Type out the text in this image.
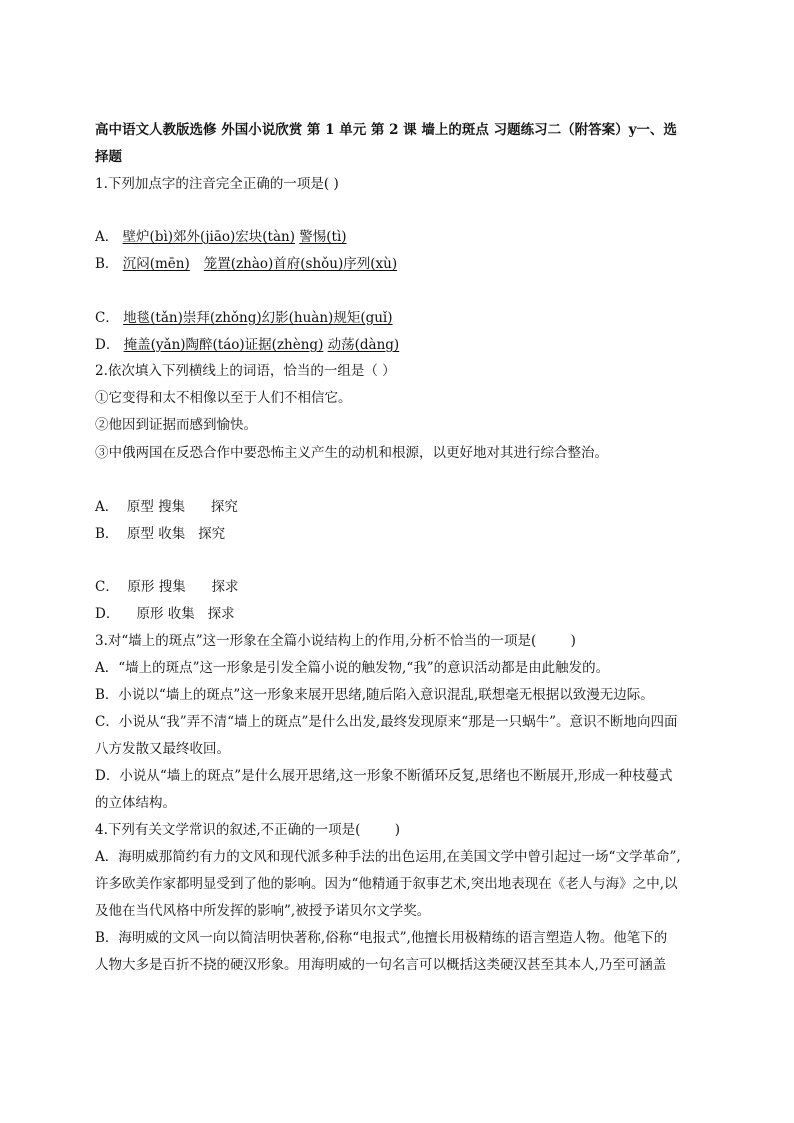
高中语文人教版选修 外国小说欣赏 第 1 单元 第 2 课 墙上的斑点 习题练习二（附答案）y一、选
择题
1.下列加点字的注音完全正确的一项是( )
A． 壁炉(bì)郊外(jiāo)宏块(tàn) 警惕(tì)
B． 沉闷(mēn) 笼置(zhào)首府(shǒu)序列(xù)
C． 地毯(tǎn)崇拜(zhǒng)幻影(huàn)规矩(guǐ)
D． 掩盖(yǎn)陶醉(táo)证据(zhèng) 动荡(dàng)
2.依次填入下列横线上的词语，恰当的一组是（ ）
①它变得和太不相像以至于人们不相信它。
②他因到证据而感到愉快。
③中俄两国在反恐合作中要恐怖主义产生的动机和根源，以更好地对其进行综合整治。
A．  原型 搜集      探究
B．  原型 收集   探究
C．  原形 搜集      探求
D．    原形 收集   探求
3.对“墙上的斑点”这一形象在全篇小说结构上的作用,分析不恰当的一项是(        )
A．“墙上的斑点”这一形象是引发全篇小说的触发物,“我”的意识活动都是由此触发的。
B．小说以“墙上的斑点”这一形象来展开思绪,随后陷入意识混乱,联想毫无根据以致漫无边际。
C．小说从“我”弄不清“墙上的斑点”是什么出发,最终发现原来“那是一只蜗牛”。意识不断地向四面
八方发散又最终收回。
D．小说从“墙上的斑点”是什么展开思绪,这一形象不断循环反复,思绪也不断展开,形成一种枝蔓式
的立体结构。
4.下列有关文学常识的叙述,不正确的一项是(        )
A．海明威那简约有力的文风和现代派多种手法的出色运用,在美国文学中曾引起过一场“文学革命”,
许多欧美作家都明显受到了他的影响。因为“他精通于叙事艺术,突出地表现在《老人与海》之中,以
及他在当代风格中所发挥的影响”,被授予诺贝尔文学奖。
B．海明威的文风一向以简洁明快著称,俗称“电报式”,他擅长用极精练的语言塑造人物。他笔下的
人物大多是百折不挠的硬汉形象。用海明威的一句名言可以概括这类硬汉甚至其本人,乃至可涵盖
